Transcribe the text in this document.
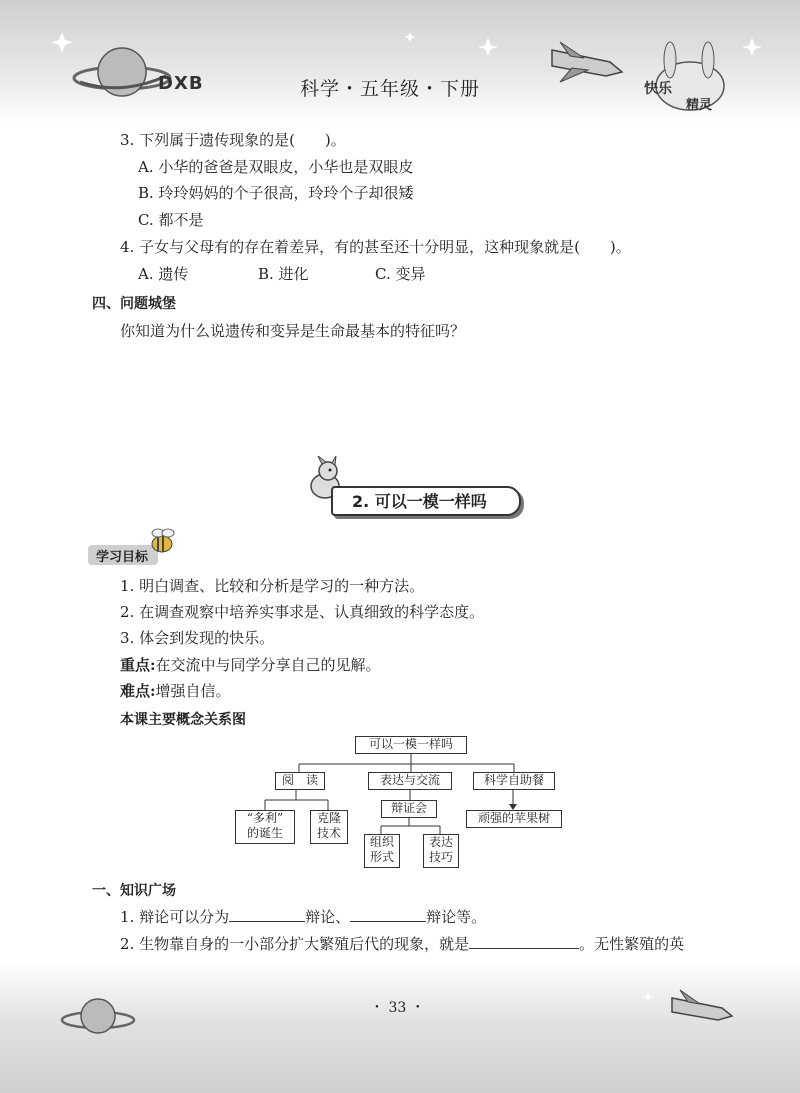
DXB	科学・五年级・下册	快乐
精灵
3. 下列属于遗传现象的是(　　)。
A. 小华的爸爸是双眼皮，小华也是双眼皮
B. 玲玲妈妈的个子很高，玲玲个子却很矮
C. 都不是
4. 子女与父母有的存在着差异，有的甚至还十分明显，这种现象就是(　　)。
A. 遗传	B. 进化	C. 变异
四、问题城堡
你知道为什么说遗传和变异是生命最基本的特征吗？
2. 可以一模一样吗
学习目标
1. 明白调查、比较和分析是学习的一种方法。
2. 在调查观察中培养实事求是、认真细致的科学态度。
3. 体会到发现的快乐。
重点:在交流中与同学分享自己的见解。
难点:增强自信。
本课主要概念关系图
可以一模一样吗
阅　读	表达与交流	科学自助餐
“多利”
的诞生
克隆
技术
辩证会
组织
形式
表达
技巧
顽强的苹果树
一、知识广场
1. 辩论可以分为	辩论、	辩论等。
2. 生物靠自身的一小部分扩大繁殖后代的现象，就是	。无性繁殖的英
・ 33 ・
